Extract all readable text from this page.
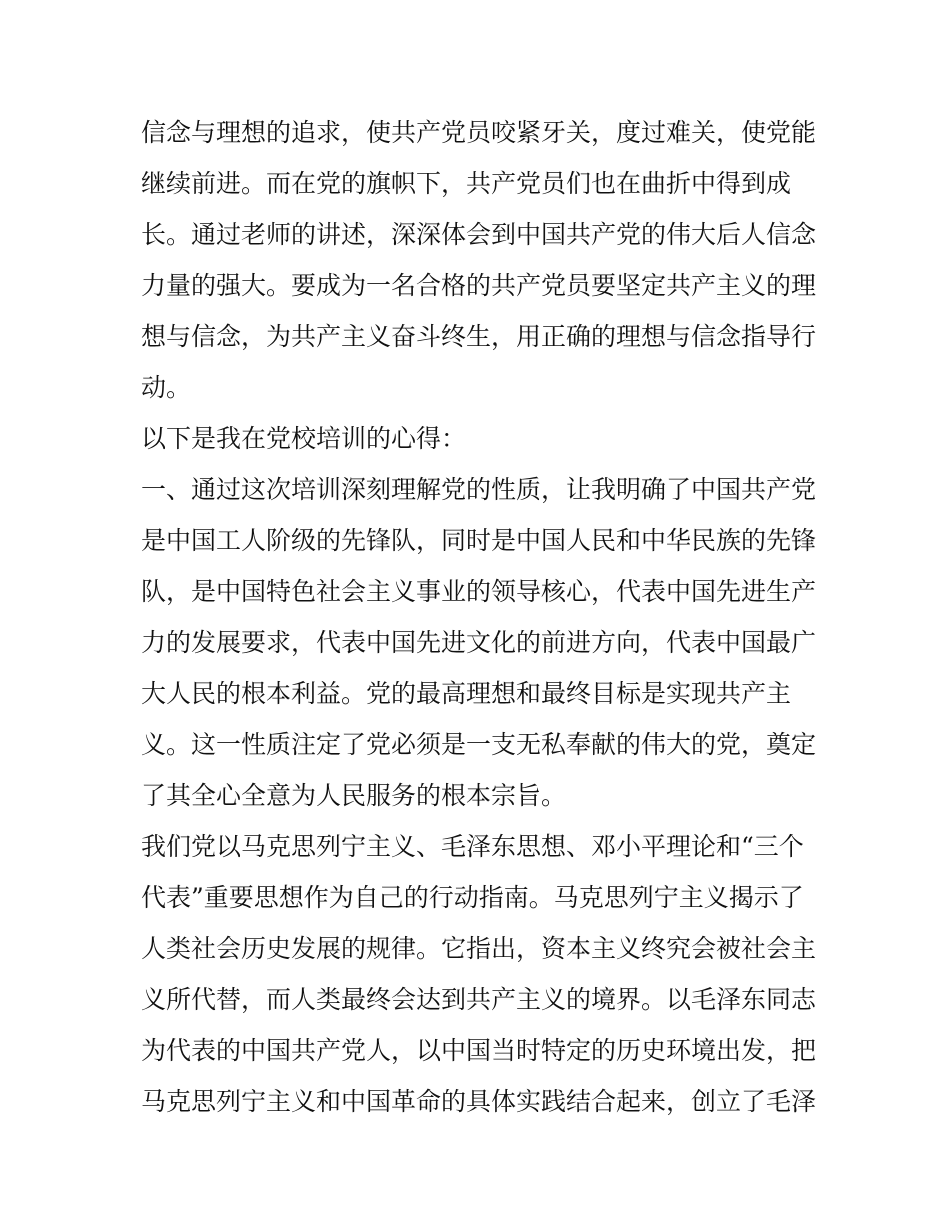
信念与理想的追求，使共产党员咬紧牙关，度过难关，使党能
继续前进。而在党的旗帜下，共产党员们也在曲折中得到成
长。通过老师的讲述，深深体会到中国共产党的伟大后人信念
力量的强大。要成为一名合格的共产党员要坚定共产主义的理
想与信念，为共产主义奋斗终生，用正确的理想与信念指导行
动。
以下是我在党校培训的心得：
一、通过这次培训深刻理解党的性质，让我明确了中国共产党
是中国工人阶级的先锋队，同时是中国人民和中华民族的先锋
队，是中国特色社会主义事业的领导核心，代表中国先进生产
力的发展要求，代表中国先进文化的前进方向，代表中国最广
大人民的根本利益。党的最高理想和最终目标是实现共产主
义。这一性质注定了党必须是一支无私奉献的伟大的党，奠定
了其全心全意为人民服务的根本宗旨。
我们党以马克思列宁主义、毛泽东思想、邓小平理论和“三个
代表”重要思想作为自己的行动指南。马克思列宁主义揭示了
人类社会历史发展的规律。它指出，资本主义终究会被社会主
义所代替，而人类最终会达到共产主义的境界。以毛泽东同志
为代表的中国共产党人，以中国当时特定的历史环境出发，把
马克思列宁主义和中国革命的具体实践结合起来，创立了毛泽
